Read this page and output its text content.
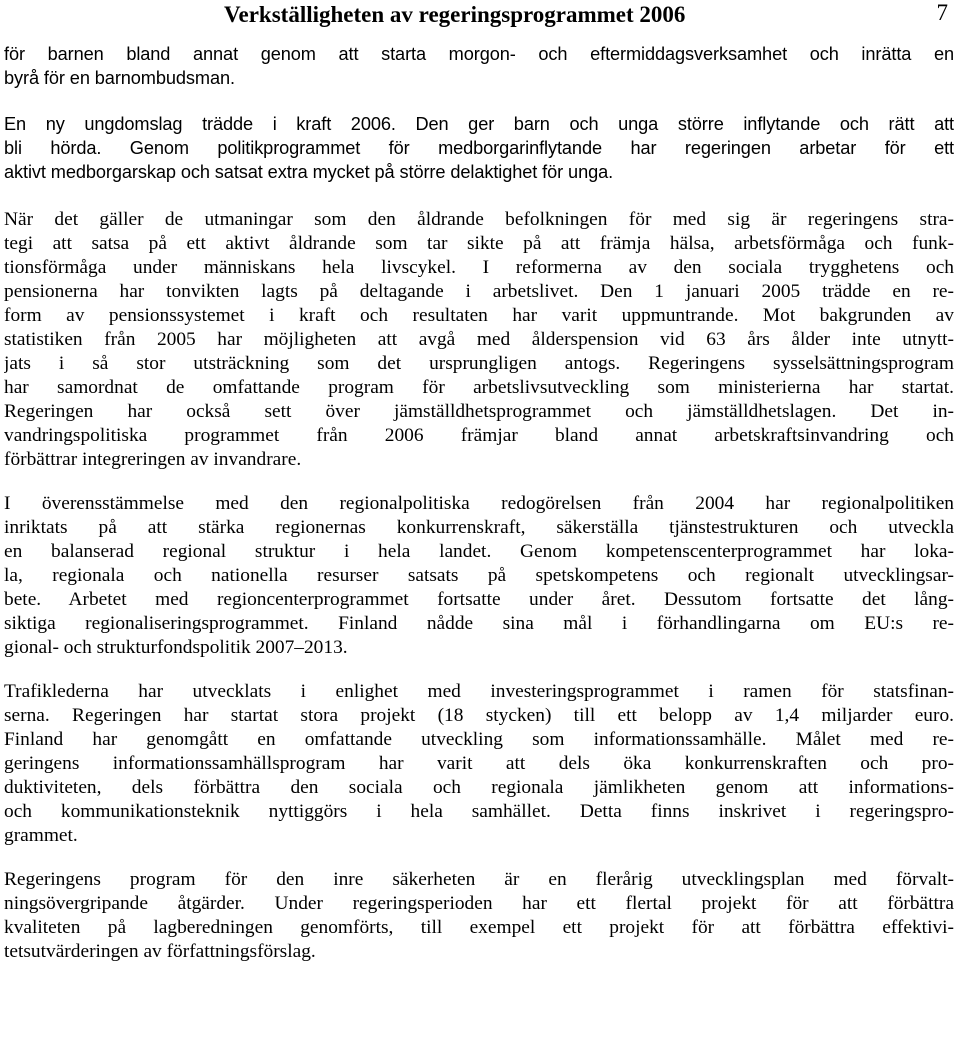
Verkställigheten av regeringsprogrammet 2006	7
för barnen bland annat genom att starta morgon- och eftermiddagsverksamhet och inrätta en
byrå för en barnombudsman.
En ny ungdomslag trädde i kraft 2006. Den ger barn och unga större inflytande och rätt att
bli hörda. Genom politikprogrammet för medborgarinflytande har regeringen arbetar för ett
aktivt medborgarskap och satsat extra mycket på större delaktighet för unga.
När det gäller de utmaningar som den åldrande befolkningen för med sig är regeringens stra-
tegi att satsa på ett aktivt åldrande som tar sikte på att främja hälsa, arbetsförmåga och funk-
tionsförmåga under människans hela livscykel. I reformerna av den sociala trygghetens och
pensionerna har tonvikten lagts på deltagande i arbetslivet. Den 1 januari 2005 trädde en re-
form av pensionssystemet i kraft och resultaten har varit uppmuntrande. Mot bakgrunden av
statistiken från 2005 har möjligheten att avgå med ålderspension vid 63 års ålder inte utnytt-
jats i så stor utsträckning som det ursprungligen antogs. Regeringens sysselsättningsprogram
har samordnat de omfattande program för arbetslivsutveckling som ministerierna har startat.
Regeringen har också sett över jämställdhetsprogrammet och jämställdhetslagen. Det in-
vandringspolitiska programmet från 2006 främjar bland annat arbetskraftsinvandring och
förbättrar integreringen av invandrare.
I överensstämmelse med den regionalpolitiska redogörelsen från 2004 har regionalpolitiken
inriktats på att stärka regionernas konkurrenskraft, säkerställa tjänstestrukturen och utveckla
en balanserad regional struktur i hela landet. Genom kompetenscenterprogrammet har loka-
la, regionala och nationella resurser satsats på spetskompetens och regionalt utvecklingsar-
bete. Arbetet med regioncenterprogrammet fortsatte under året. Dessutom fortsatte det lång-
siktiga regionaliseringsprogrammet. Finland nådde sina mål i förhandlingarna om EU:s re-
gional- och strukturfondspolitik 2007–2013.
Trafiklederna har utvecklats i enlighet med investeringsprogrammet i ramen för statsfinan-
serna. Regeringen har startat stora projekt (18 stycken) till ett belopp av 1,4 miljarder euro.
Finland har genomgått en omfattande utveckling som informationssamhälle. Målet med re-
geringens informationssamhällsprogram har varit att dels öka konkurrenskraften och pro-
duktiviteten, dels förbättra den sociala och regionala jämlikheten genom att informations-
och kommunikationsteknik nyttiggörs i hela samhället. Detta finns inskrivet i regeringspro-
grammet.
Regeringens program för den inre säkerheten är en flerårig utvecklingsplan med förvalt-
ningsövergripande åtgärder. Under regeringsperioden har ett flertal projekt för att förbättra
kvaliteten på lagberedningen genomförts, till exempel ett projekt för att förbättra effektivi-
tetsutvärderingen av författningsförslag.
